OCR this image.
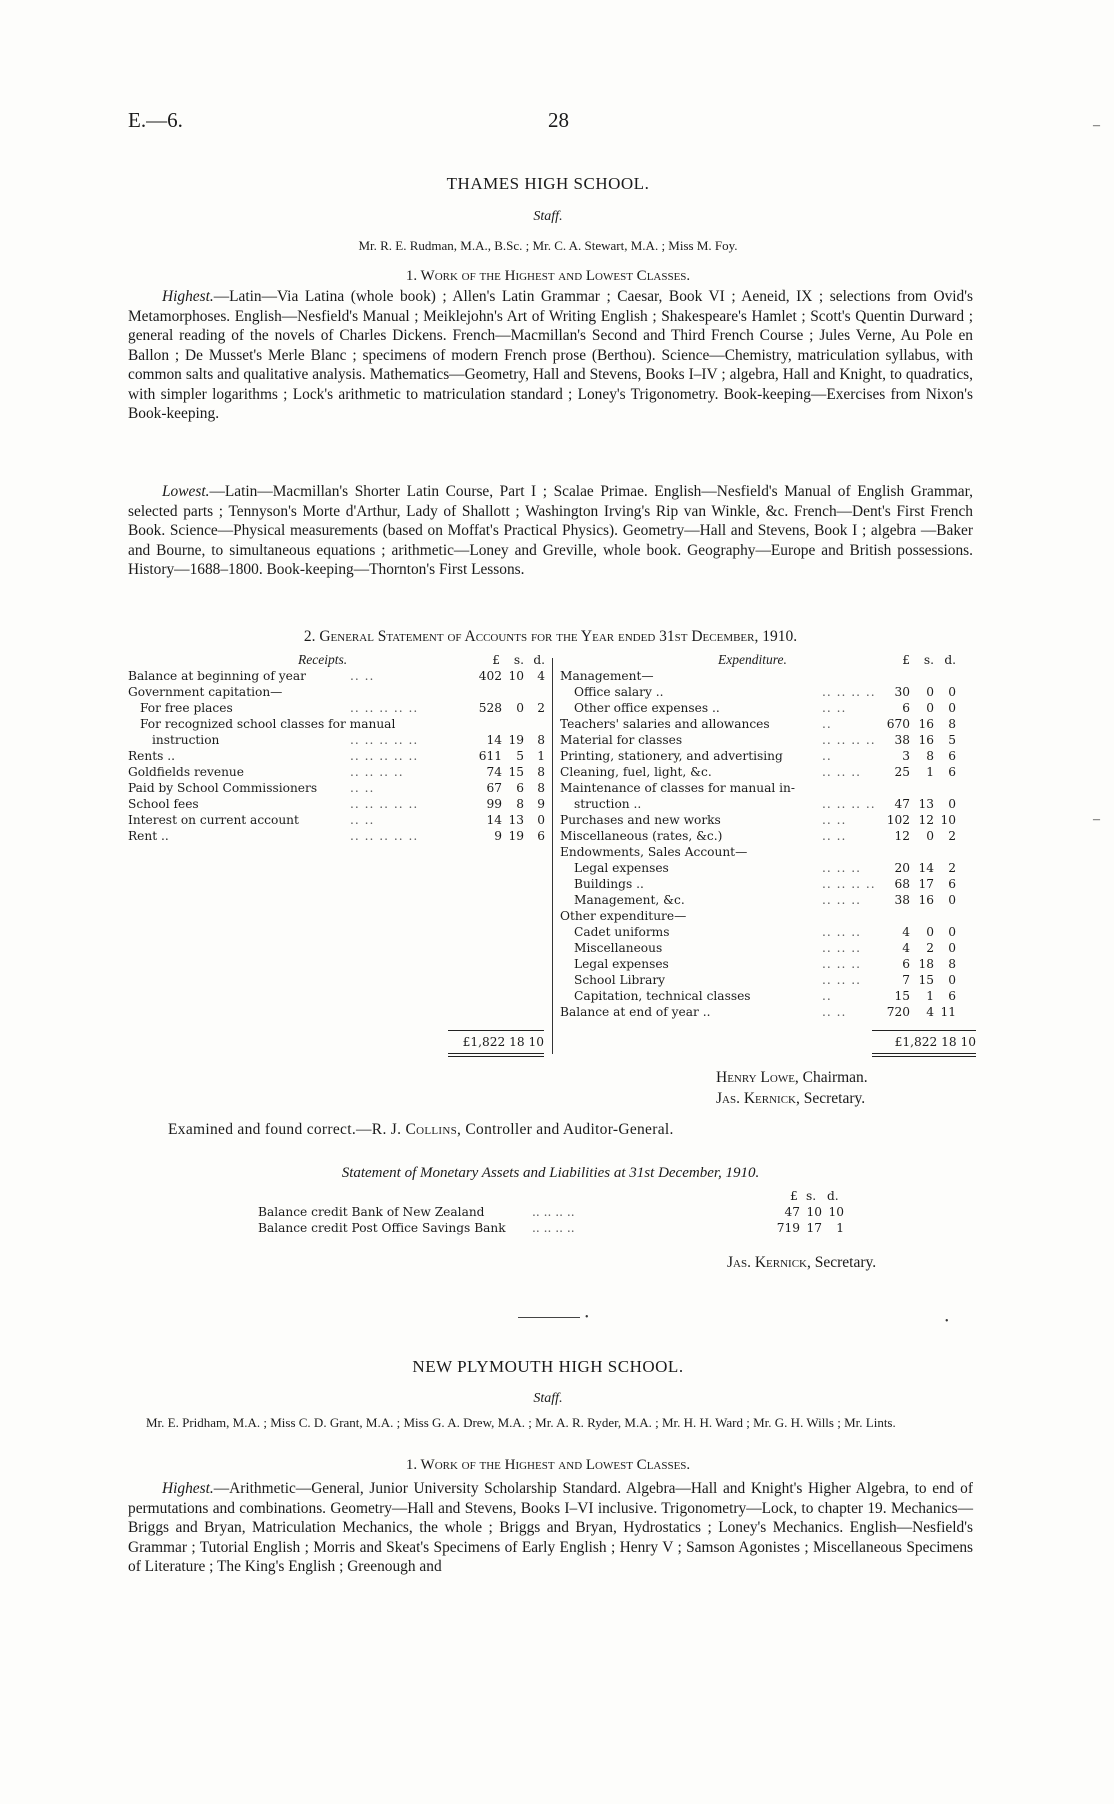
E.—6.	28	–
–
THAMES HIGH SCHOOL.
Staff.
Mr. R. E. Rudman, M.A., B.Sc. ; Mr. C. A. Stewart, M.A. ; Miss M. Foy.
1. Work of the Highest and Lowest Classes.

Highest.—Latin—Via Latina (whole book) ; Allen's Latin Grammar ; Caesar, Book VI ; Aeneid, IX ; selections from Ovid's Metamorphoses. English—Nesfield's Manual ; Meiklejohn's Art of Writing English ; Shakespeare's Hamlet ; Scott's Quentin Durward ; general reading of the novels of Charles Dickens. French—Macmillan's Second and Third French Course ; Jules Verne, Au Pole en Ballon ; De Musset's Merle Blanc ; specimens of modern French prose (Berthou). Science—Chemistry, matriculation syllabus, with common salts and qualitative analysis. Mathematics—Geometry, Hall and Stevens, Books I–IV ; algebra, Hall and Knight, to quadratics, with simpler logarithms ; Lock's arithmetic to matriculation standard ; Loney's Trigonometry. Book-keeping—Exercises from Nixon's Book-keeping.

Lowest.—Latin—Macmillan's Shorter Latin Course, Part I ; Scalae Primae. English—Nesfield's Manual of English Grammar, selected parts ; Tennyson's Morte d'Arthur, Lady of Shallott ; Washington Irving's Rip van Winkle, &c. French—Dent's First French Book. Science—Physical measurements (based on Moffat's Practical Physics). Geometry—Hall and Stevens, Book I ; algebra —Baker and Bourne, to simultaneous equations ; arithmetic—Loney and Greville, whole book. Geography—Europe and British possessions. History—1688–1800. Book-keeping—Thornton's First Lessons.

2. General Statement of Accounts for the Year ended 31st December, 1910.
Receipts.	£	s. d.
Balance at beginning of year	.. ..	402 10	4
Government capitation—
For free places	.. .. .. .. ..	528	0	2
For recognized school classes for manual
instruction	.. .. .. .. ..	14 19	8
Rents ..	.. .. .. .. ..	611	5	1
Goldfields revenue	.. .. .. ..	74 15	8
Paid by School Commissioners	.. ..	67	6	8
School fees	.. .. .. .. ..	99	8	9
Interest on current account	.. ..	14 13	0
Rent ..	.. .. .. .. ..	9 19	6
Expenditure.	£	s. d.
Management—
Office salary ..	.. .. .. ..	30	0	0
Other office expenses ..	.. ..	6	0	0
Teachers' salaries and allowances	..	670 16	8
Material for classes	.. .. .. ..	38 16	5
Printing, stationery, and advertising	..	3	8	6
Cleaning, fuel, light, &c.	.. .. ..	25	1	6
Maintenance of classes for manual in-
struction ..	.. .. .. ..	47 13	0
Purchases and new works	.. ..	102 12 10
Miscellaneous (rates, &c.)	.. ..	12	0	2
Endowments, Sales Account—
Legal expenses	.. .. ..	20 14	2
Buildings ..	.. .. .. ..	68 17	6
Management, &c.	.. .. ..	38 16	0
Other expenditure—
Cadet uniforms	.. .. ..	4	0	0
Miscellaneous	.. .. ..	4	2	0
Legal expenses	.. .. ..	6 18	8
School Library	.. .. ..	7 15	0
Capitation, technical classes	..	15	1	6
Balance at end of year ..	.. ..	720	4 11
£1,822 18 10	£1,822 18 10
Henry Lowe, Chairman.
Jas. Kernick, Secretary.
Examined and found correct.—R. J. Collins, Controller and Auditor-General.
Statement of Monetary Assets and Liabilities at 31st December, 1910.
£ s. d.
Balance credit Bank of New Zealand	.. .. .. ..	47 10 10
Balance credit Post Office Savings Bank .. .. .. ..	719 17	1
Jas. Kernick, Secretary.
•	•
NEW PLYMOUTH HIGH SCHOOL.
Staff.
Mr. E. Pridham, M.A. ; Miss C. D. Grant, M.A. ; Miss G. A. Drew, M.A. ; Mr. A. R. Ryder, M.A. ; Mr. H. H. Ward ; Mr. G. H. Wills ; Mr. Lints.
1. Work of the Highest and Lowest Classes.

Highest.—Arithmetic—General, Junior University Scholarship Standard. Algebra—Hall and Knight's Higher Algebra, to end of permutations and combinations. Geometry—Hall and Stevens, Books I–VI inclusive. Trigonometry—Lock, to chapter 19. Mechanics—Briggs and Bryan, Matriculation Mechanics, the whole ; Briggs and Bryan, Hydrostatics ; Loney's Mechanics. English—Nesfield's Grammar ; Tutorial English ; Morris and Skeat's Specimens of Early English ; Henry V ; Samson Agonistes ; Miscellaneous Specimens of Literature ; The King's English ; Greenough and
